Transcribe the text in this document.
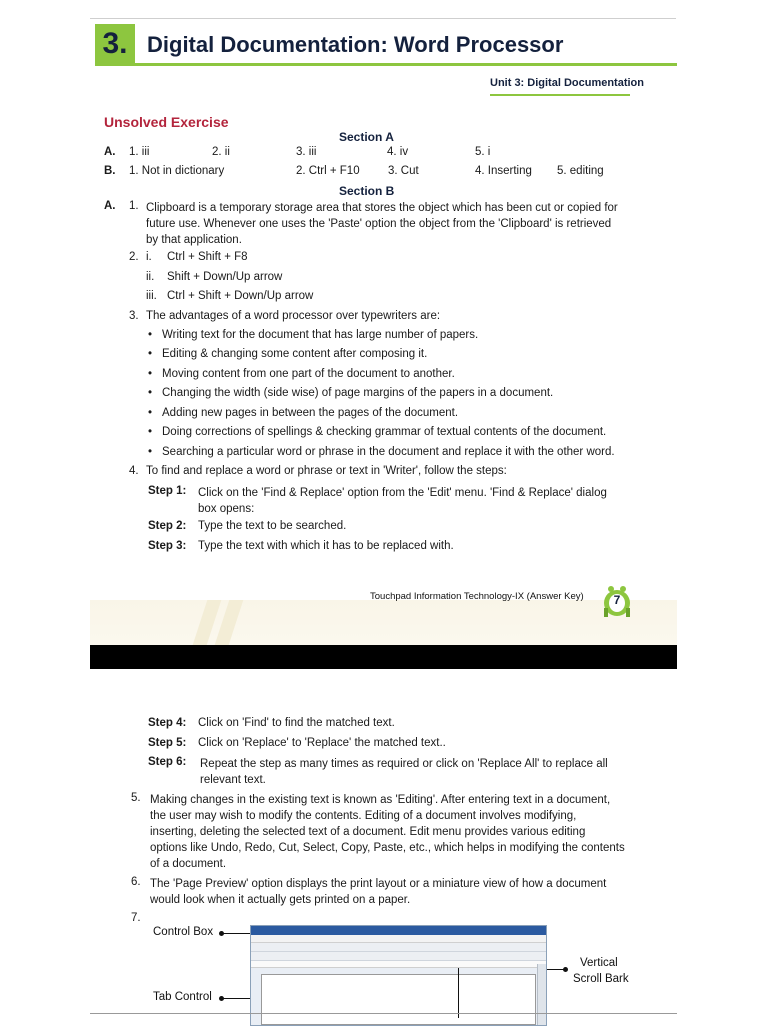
3. Digital Documentation: Word Processor
Unit 3: Digital Documentation
Unsolved Exercise
Section A
A. 1. iii	2. ii	3. iii	4. iv	5. i
B. 1. Not in dictionary	2. Ctrl + F10 3. Cut	4. Inserting 5. editing
Section B
A. 1. Clipboard is a temporary storage area that stores the object which has been cut or copied for
future use. Whenever one uses the 'Paste' option the object from the 'Clipboard' is retrieved
by that application.
2. i. Ctrl + Shift + F8
ii. Shift + Down/Up arrow
iii. Ctrl + Shift + Down/Up arrow
3. The advantages of a word processor over typewriters are:
• Writing text for the document that has large number of papers.
• Editing & changing some content after composing it.
• Moving content from one part of the document to another.
• Changing the width (side wise) of page margins of the papers in a document.
• Adding new pages in between the pages of the document.
• Doing corrections of spellings & checking grammar of textual contents of the document.
• Searching a particular word or phrase in the document and replace it with the other word.
4. To find and replace a word or phrase or text in 'Writer', follow the steps:
Step 1: Click on the 'Find & Replace' option from the 'Edit' menu. 'Find & Replace' dialog
box opens:
Step 2: Type the text to be searched.
Step 3: Type the text with which it has to be replaced with.
Touchpad Information Technology-IX (Answer Key)	7
Step 4: Click on 'Find' to find the matched text.
Step 5: Click on 'Replace' to 'Replace' the matched text..
Step 6: Repeat the step as many times as required or click on 'Replace All' to replace all
relevant text.
5. Making changes in the existing text is known as 'Editing'. After entering text in a document,
the user may wish to modify the contents. Editing of a document involves modifying,
inserting, deleting the selected text of a document. Edit menu provides various editing
options like Undo, Redo, Cut, Select, Copy, Paste, etc., which helps in modifying the contents
of a document.
6. The 'Page Preview' option displays the print layout or a miniature view of how a document
would look when it actually gets printed on a paper.
7.
Control Box
Tab Control
Vertical
Scroll Bark
